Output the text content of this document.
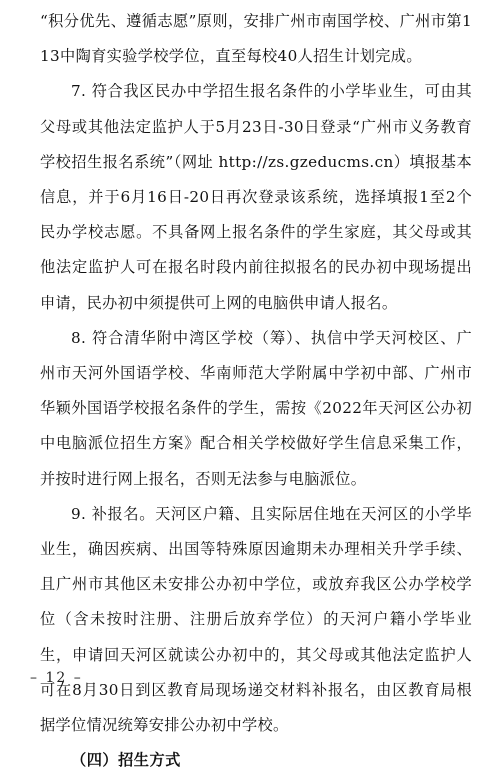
“积分优先、遵循志愿”原则，安排广州市南国学校、广州市第113中陶育实验学校学位，直至每校40人招生计划完成。

7. 符合我区民办中学招生报名条件的小学毕业生，可由其父母或其他法定监护人于5月23日-30日登录“广州市义务教育学校招生报名系统”（网址 http://zs.gzeducms.cn）填报基本信息，并于6月16日-20日再次登录该系统，选择填报1至2个民办学校志愿。不具备网上报名条件的学生家庭，其父母或其他法定监护人可在报名时段内前往拟报名的民办初中现场提出申请，民办初中须提供可上网的电脑供申请人报名。

8. 符合清华附中湾区学校（筹）、执信中学天河校区、广州市天河外国语学校、华南师范大学附属中学初中部、广州市华颖外国语学校报名条件的学生，需按《2022年天河区公办初中电脑派位招生方案》配合相关学校做好学生信息采集工作，并按时进行网上报名，否则无法参与电脑派位。

9. 补报名。天河区户籍、且实际居住地在天河区的小学毕业生，确因疾病、出国等特殊原因逾期未办理相关升学手续、且广州市其他区未安排公办初中学位，或放弃我区公办学校学位（含未按时注册、注册后放弃学位）的天河户籍小学毕业生，申请回天河区就读公办初中的，其父母或其他法定监护人可在8月30日到区教育局现场递交材料补报名，由区教育局根据学位情况统筹安排公办初中学校。

（四）招生方式

– 12 –
